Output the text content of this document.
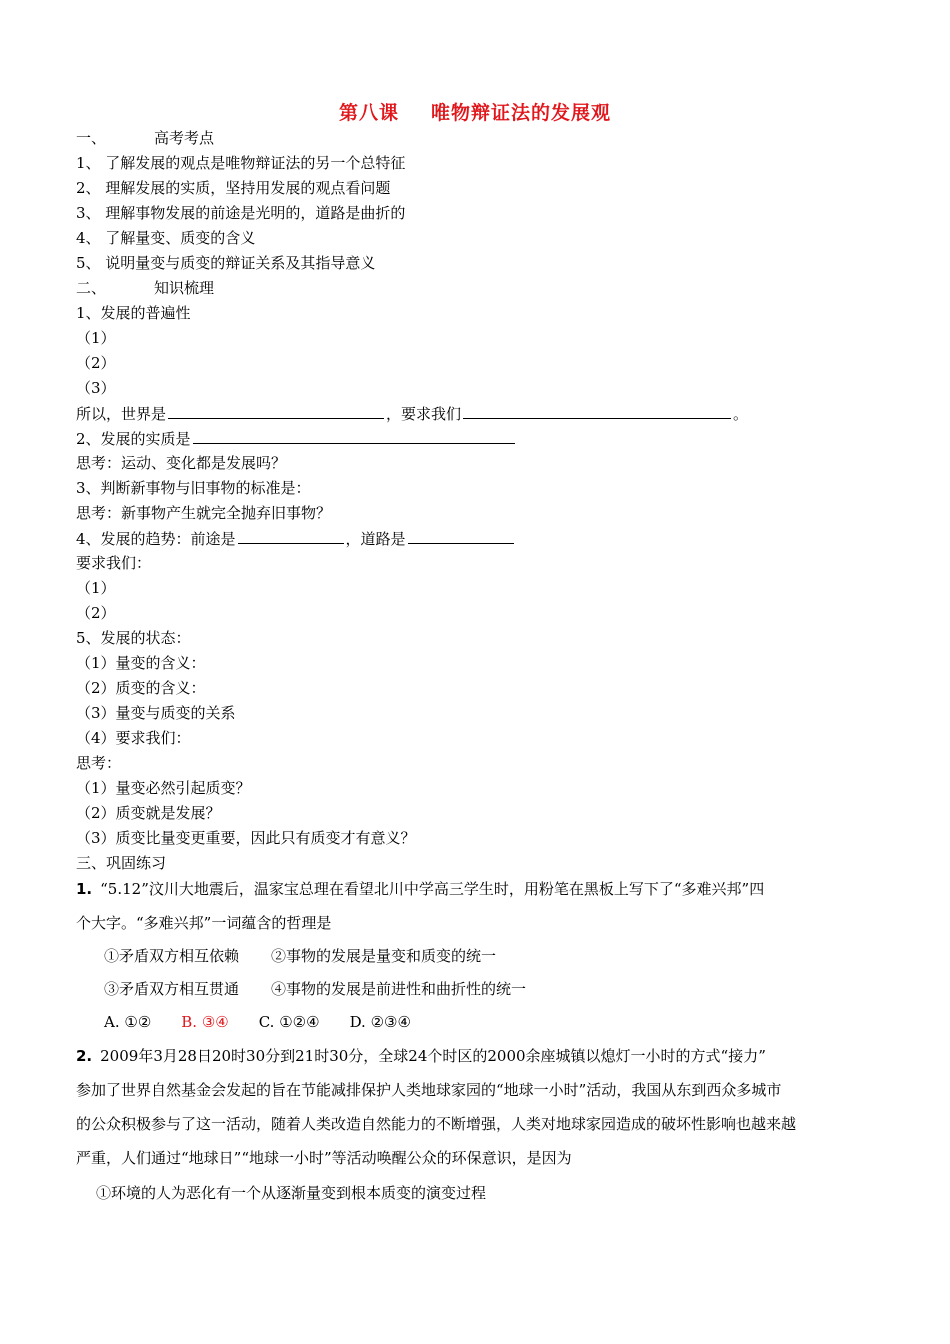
第八课 唯物辩证法的发展观
一、	高考考点
1、 了解发展的观点是唯物辩证法的另一个总特征
2、 理解发展的实质，坚持用发展的观点看问题
3、 理解事物发展的前途是光明的，道路是曲折的
4、 了解量变、质变的含义
5、 说明量变与质变的辩证关系及其指导意义
二、	知识梳理
1、发展的普遍性
（1）
（2）
（3）
所以，世界是	，要求我们	。
2、发展的实质是
思考：运动、变化都是发展吗？
3、判断新事物与旧事物的标准是：
思考：新事物产生就完全抛弃旧事物？
4、发展的趋势：前途是	，道路是
要求我们：
（1）
（2）
5、发展的状态：
（1）量变的含义：
（2）质变的含义：
（3）量变与质变的关系
（4）要求我们：
思考：
（1）量变必然引起质变？
（2）质变就是发展？
（3）质变比量变更重要，因此只有质变才有意义？
三、巩固练习
1. “5.12”汶川大地震后，温家宝总理在看望北川中学高三学生时，用粉笔在黑板上写下了“多难兴邦”四
个大字。“多难兴邦”一词蕴含的哲理是
①矛盾双方相互依赖 ②事物的发展是量变和质变的统一
③矛盾双方相互贯通 ④事物的发展是前进性和曲折性的统一
A. ①② B. ③④ C. ①②④ D. ②③④
2. 2009年3月28日20时30分到21时30分，全球24个时区的2000余座城镇以熄灯一小时的方式“接力”
参加了世界自然基金会发起的旨在节能减排保护人类地球家园的“地球一小时”活动，我国从东到西众多城市
的公众积极参与了这一活动，随着人类改造自然能力的不断增强，人类对地球家园造成的破坏性影响也越来越
严重，人们通过“地球日”“地球一小时”等活动唤醒公众的环保意识，是因为
①环境的人为恶化有一个从逐渐量变到根本质变的演变过程
